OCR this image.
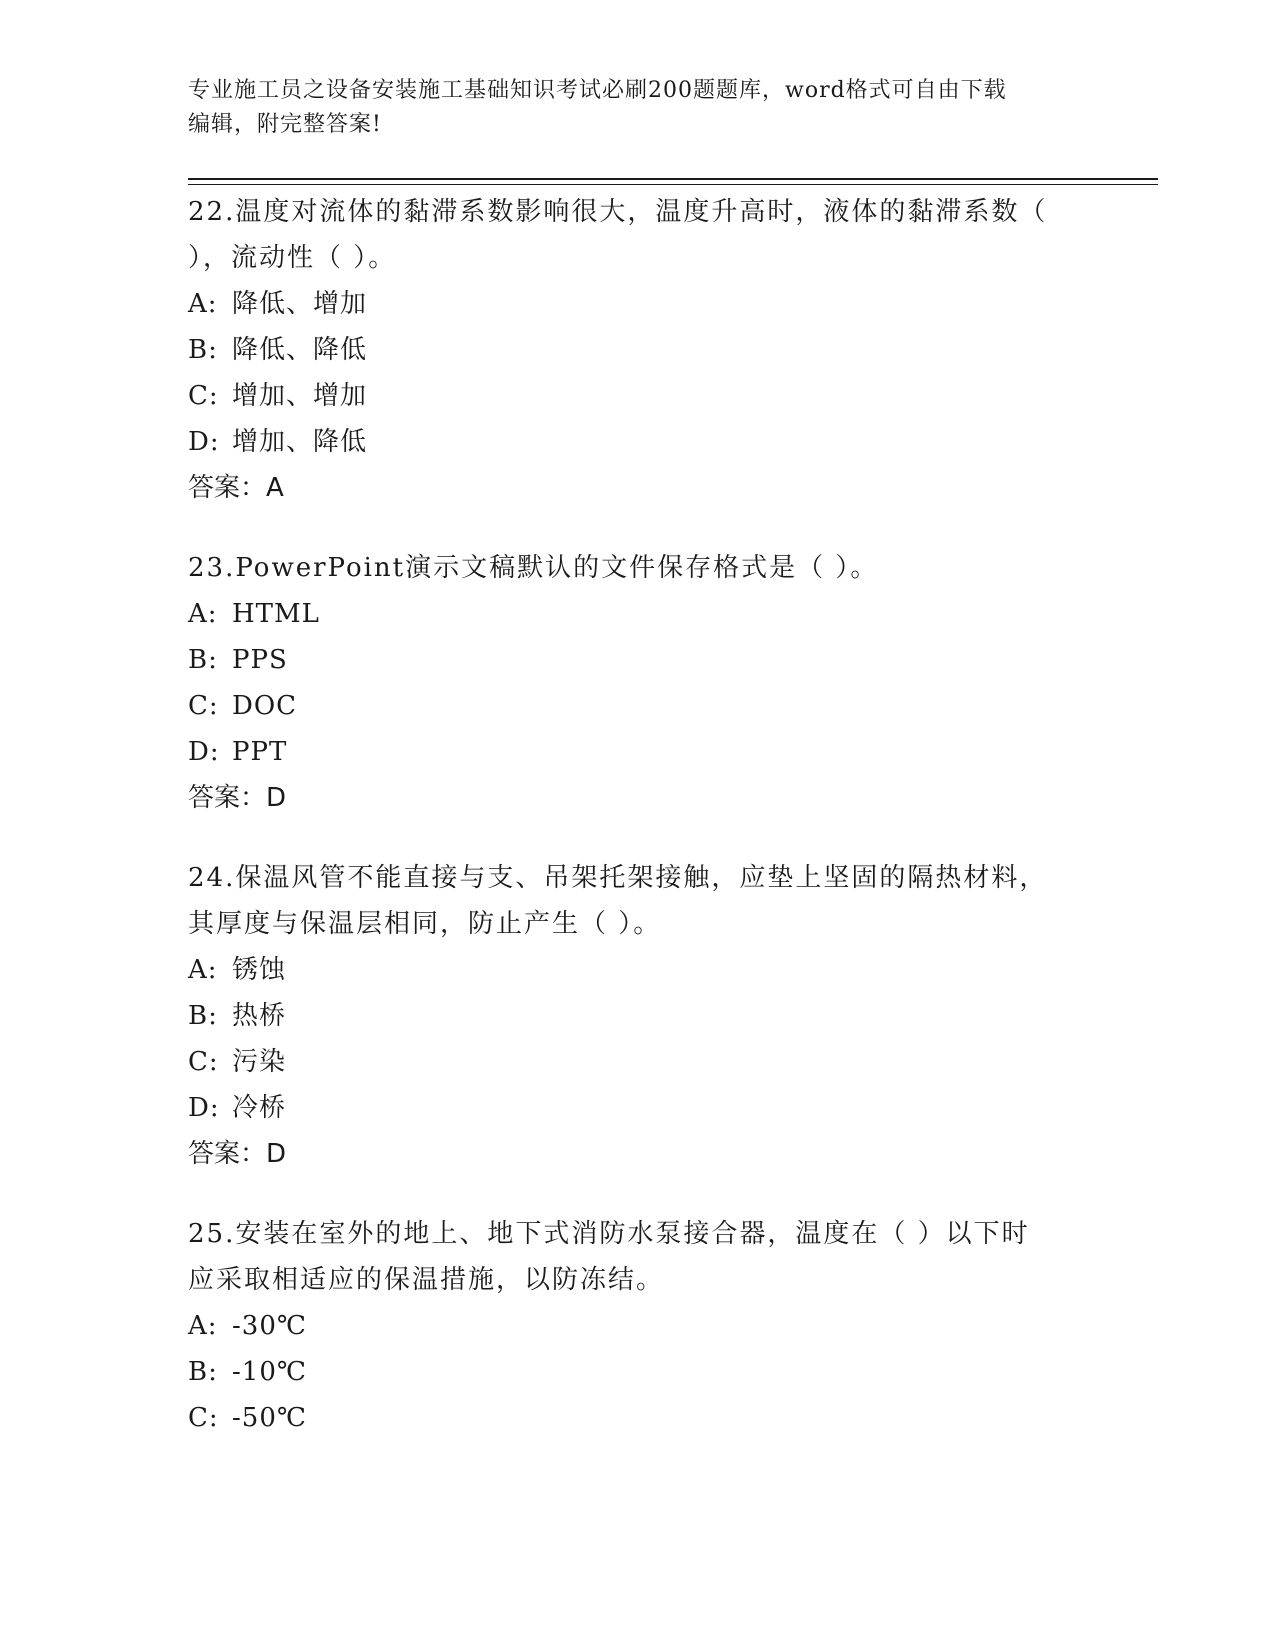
专业施工员之设备安装施工基础知识考试必刷200题题库，word格式可自由下载
编辑，附完整答案!

22.温度对流体的黏滞系数影响很大，温度升高时，液体的黏滞系数（

），流动性（ ）。

A: 降低、增加

B: 降低、降低

C: 增加、增加

D: 增加、降低

答案：A

23.PowerPoint演示文稿默认的文件保存格式是（ ）。

A: HTML

B: PPS

C: DOC

D: PPT

答案：D

24.保温风管不能直接与支、吊架托架接触，应垫上坚固的隔热材料，

其厚度与保温层相同，防止产生（ ）。

A: 锈蚀

B: 热桥

C: 污染

D: 冷桥

答案：D

25.安装在室外的地上、地下式消防水泵接合器，温度在（ ）以下时

应采取相适应的保温措施，以防冻结。

A: -30℃

B: -10℃

C: -50℃
